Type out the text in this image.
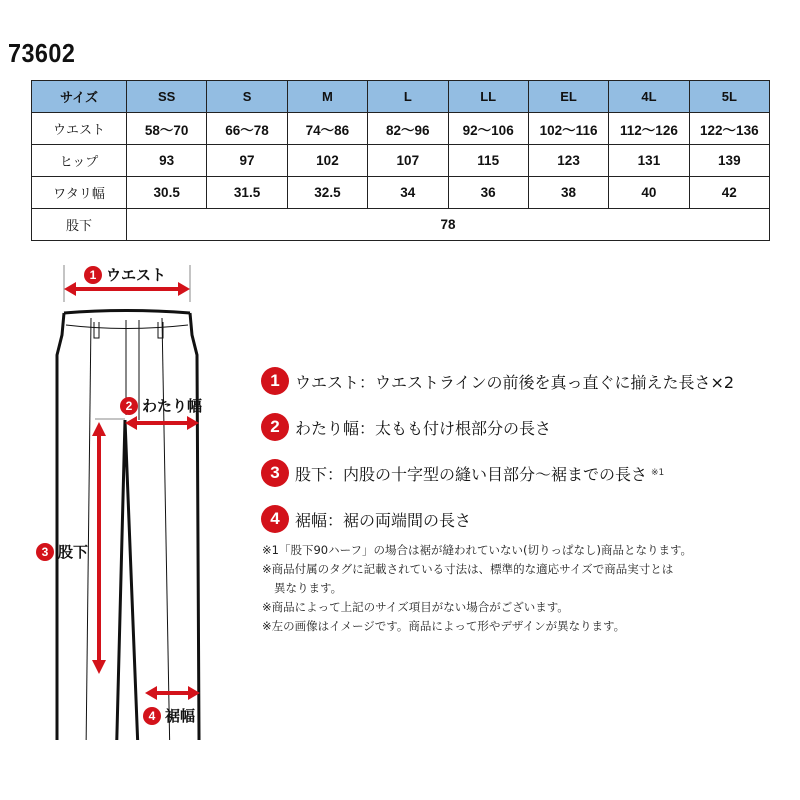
73602
サイズ	SS	S	M	L	LL	EL	4L	5L
ウエスト	58〜70	66〜78	74〜86	82〜96	92〜106	102〜116	112〜126	122〜136
ヒップ	93	97	102	107	115	123	131	139
ワタリ幅	30.5	31.5	32.5	34	36	38	40	42
股下	78							
1 ウエスト
2 わたり幅
3 股下
4 裾幅
1 ウエスト：ウエストラインの前後を真っ直ぐに揃えた長さ×2
2 わたり幅：太もも付け根部分の長さ
3 股下：内股の十字型の縫い目部分〜裾までの長さ ※1
4 裾幅：裾の両端間の長さ
※1「股下90ハーフ」の場合は裾が縫われていない(切りっぱなし)商品となります。
※商品付属のタグに記載されている寸法は、標準的な適応サイズで商品実寸とは
異なります。
※商品によって上記のサイズ項目がない場合がございます。
※左の画像はイメージです。商品によって形やデザインが異なります。
